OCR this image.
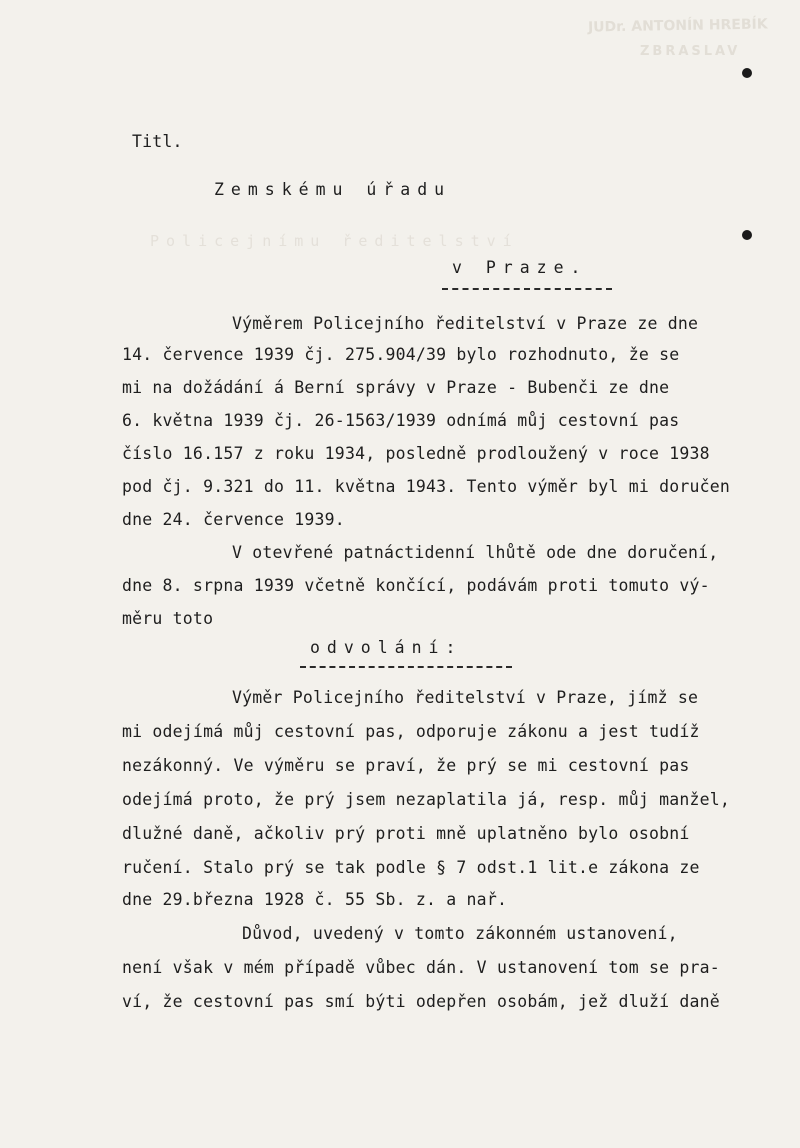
JUDr. ANTONÍN HREBÍK
ZBRASLAV
Policejnímu ředitelství
Titl.
Zemskému úřadu
v Praze.
Výměrem Policejního ředitelství v Praze ze dne
14. července 1939 čj. 275.904/39 bylo rozhodnuto, že se
mi na dožádání á Berní správy v Praze - Bubenči ze dne
6. května 1939 čj. 26-1563/1939 odnímá můj cestovní pas
číslo 16.157 z roku 1934, posledně prodloužený v roce 1938
pod čj. 9.321 do 11. května 1943. Tento výměr byl mi doručen
dne 24. července 1939.
V otevřené patnáctidenní lhůtě ode dne doručení,
dne 8. srpna 1939 včetně končící, podávám proti tomuto vý-
měru toto
odvolání:
Výměr Policejního ředitelství v Praze, jímž se
mi odejímá můj cestovní pas, odporuje zákonu a jest tudíž
nezákonný. Ve výměru se praví, že prý se mi cestovní pas
odejímá proto, že prý jsem nezaplatila já, resp. můj manžel,
dlužné daně, ačkoliv prý proti mně uplatněno bylo osobní
ručení. Stalo prý se tak podle § 7 odst.1 lit.e zákona ze
dne 29.března 1928 č. 55 Sb. z. a nař.
Důvod, uvedený v tomto zákonném ustanovení,
není však v mém případě vůbec dán. V ustanovení tom se pra-
ví, že cestovní pas smí býti odepřen osobám, jež dluží daně
